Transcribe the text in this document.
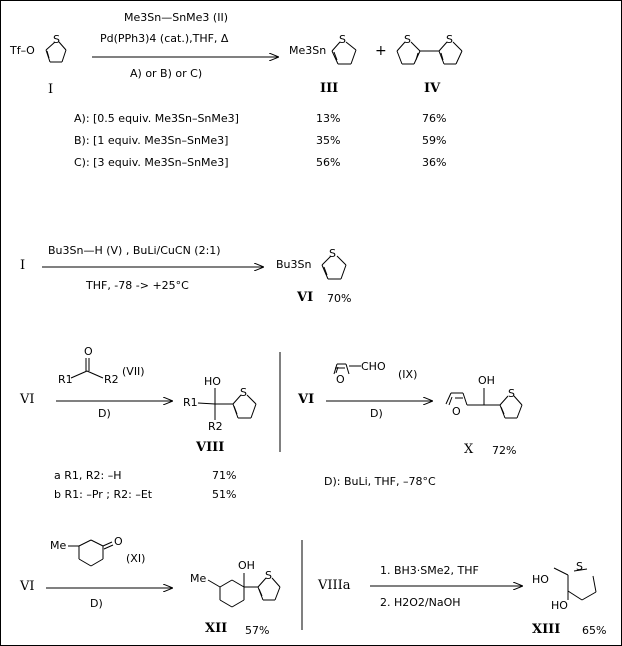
Me3Sn—SnMe3 (II)
Pd(PPh3)4 (cat.),THF, Δ
A) or B) or C)
Tf–O
S
I
Me3Sn
S
+
S	S
III	IV
A): [0.5 equiv. Me3Sn–SnMe3]	13%	76%
B): [1 equiv. Me3Sn–SnMe3]	35%	59%
C): [3 equiv. Me3Sn–SnMe3]	56%	36%
I
Bu3Sn—H (V) , BuLi/CuCN (2:1)
THF, -78 -> +25°C
Bu3Sn
S
VI 70%
VI
O
R1	R2
(VII)
D)
HO
R1
R2
S
VIII
a R1, R2: –H	71%
b R1: –Pr ; R2: –Et	51%
VI
O
CHO
(IX)
D)	O
OH
S
X 72%
D): BuLi, THF, –78°C
VI
Me	O
(XI)
D)
Me
OH
S
XII 57%
VIIIa
1. BH3·SMe2, THF
2. H2O2/NaOH
HO
HO
S
XIII 65%
